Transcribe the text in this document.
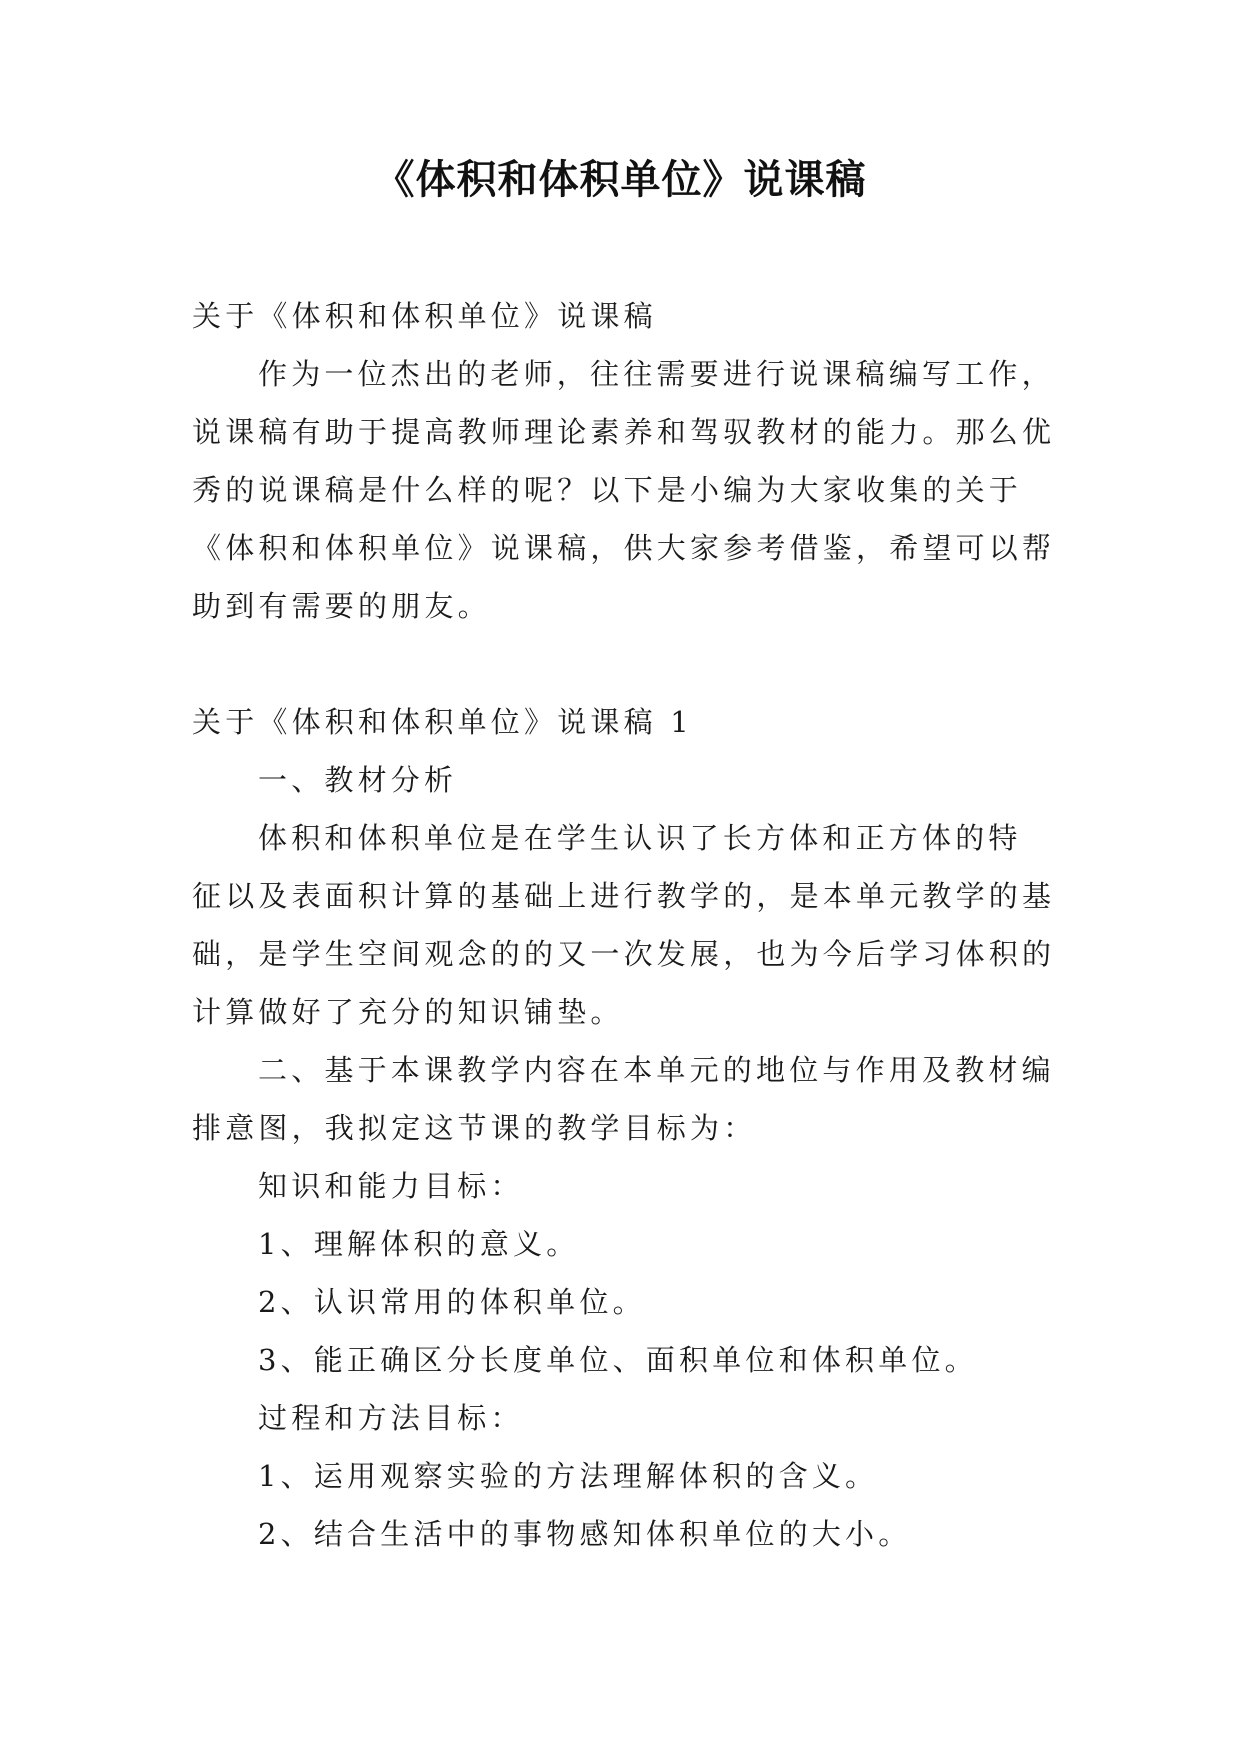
《体积和体积单位》说课稿
关于《体积和体积单位》说课稿
作为一位杰出的老师，往往需要进行说课稿编写工作，
说课稿有助于提高教师理论素养和驾驭教材的能力。那么优
秀的说课稿是什么样的呢？以下是小编为大家收集的关于
《体积和体积单位》说课稿，供大家参考借鉴，希望可以帮
助到有需要的朋友。
关于《体积和体积单位》说课稿 1
一、教材分析
体积和体积单位是在学生认识了长方体和正方体的特
征以及表面积计算的基础上进行教学的，是本单元教学的基
础，是学生空间观念的的又一次发展，也为今后学习体积的
计算做好了充分的知识铺垫。
二、基于本课教学内容在本单元的地位与作用及教材编
排意图，我拟定这节课的教学目标为：
知识和能力目标：
1、理解体积的意义。
2、认识常用的体积单位。
3、能正确区分长度单位、面积单位和体积单位。
过程和方法目标：
1、运用观察实验的方法理解体积的含义。
2、结合生活中的事物感知体积单位的大小。
